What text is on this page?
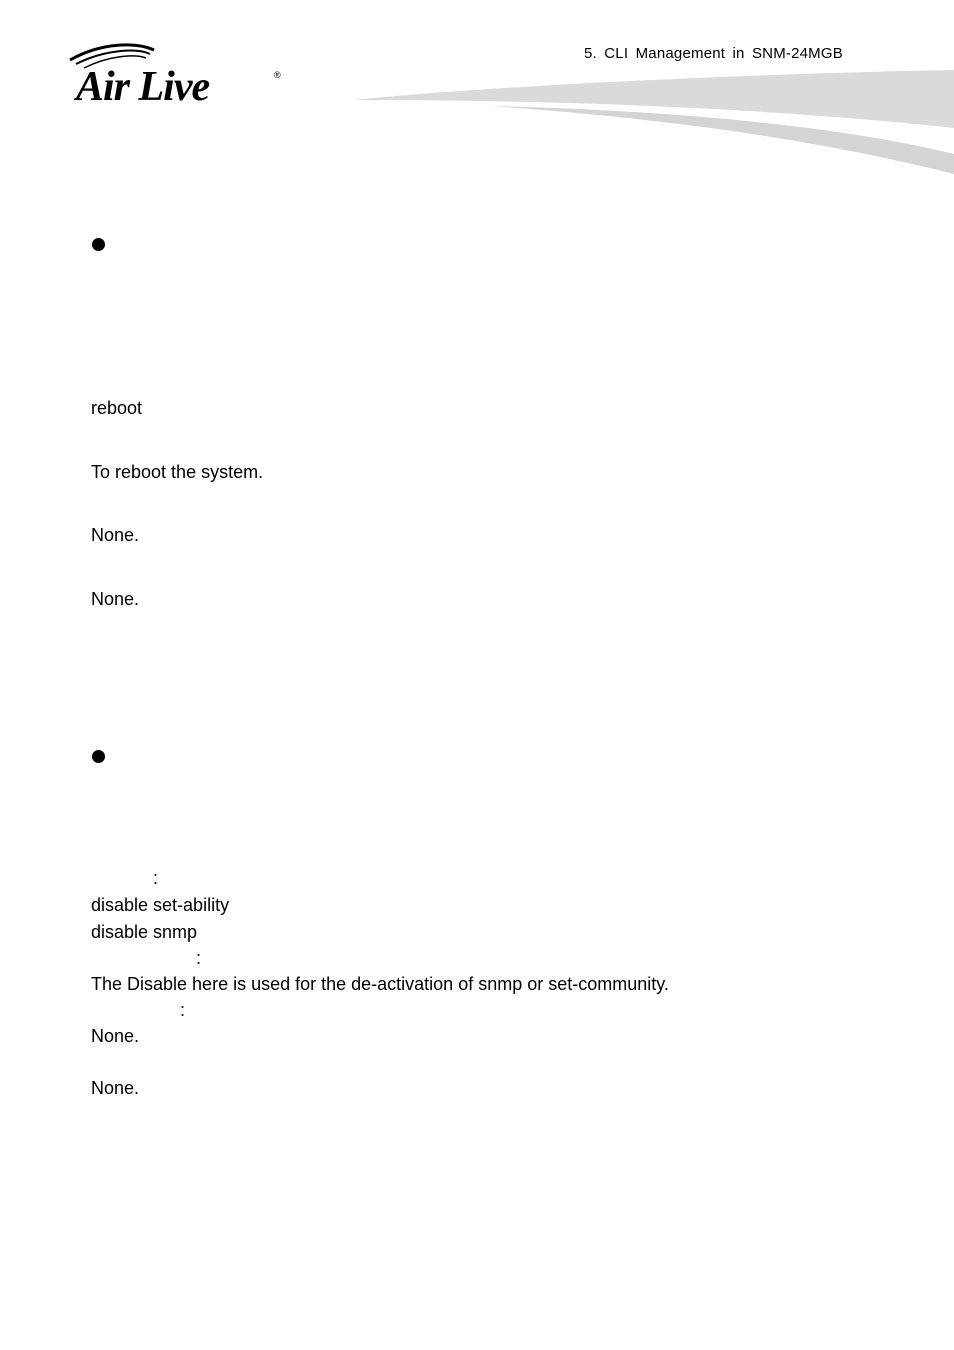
Air Live	®
5. CLI Management in SNM-24MGB
reboot
To reboot the system.
None.
None.
:
disable set-ability
disable snmp
:
The Disable here is used for the de-activation of snmp or set-community.
:
None.
None.
